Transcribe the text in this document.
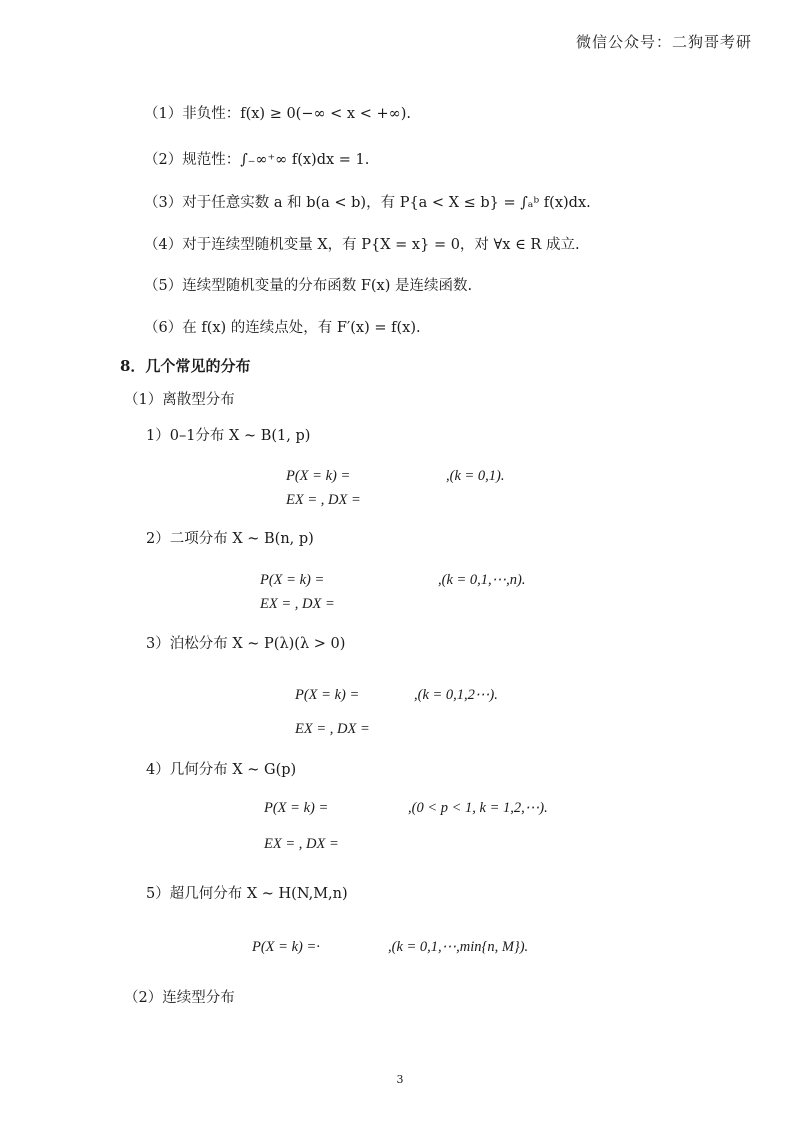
微信公众号：二狗哥考研
（1）非负性：f(x) ≥ 0(−∞ < x < +∞).
（2）规范性：∫₋∞⁺∞ f(x)dx = 1.
（3）对于任意实数 a 和 b(a < b)，有 P{a < X ≤ b} = ∫ₐᵇ f(x)dx.
（4）对于连续型随机变量 X，有 P{X = x} = 0，对 ∀x ∈ R 成立.
（5）连续型随机变量的分布函数 F(x) 是连续函数.
（6）在 f(x) 的连续点处，有 F′(x) = f(x).
8．几个常见的分布
（1）离散型分布
1）0–1分布 X ~ B(1, p)
P(X = k) =	,(k = 0,1).
EX = , DX =
2）二项分布 X ~ B(n, p)
P(X = k) =	,(k = 0,1,⋯,n).
EX = , DX =
3）泊松分布 X ~ P(λ)(λ > 0)
P(X = k) =	,(k = 0,1,2⋯).
EX = , DX =
4）几何分布 X ~ G(p)
P(X = k) =	,(0 < p < 1, k = 1,2,⋯).
EX = , DX =
5）超几何分布 X ~ H(N,M,n)
P(X = k) =·	,(k = 0,1,⋯,min{n, M}).
（2）连续型分布
3
